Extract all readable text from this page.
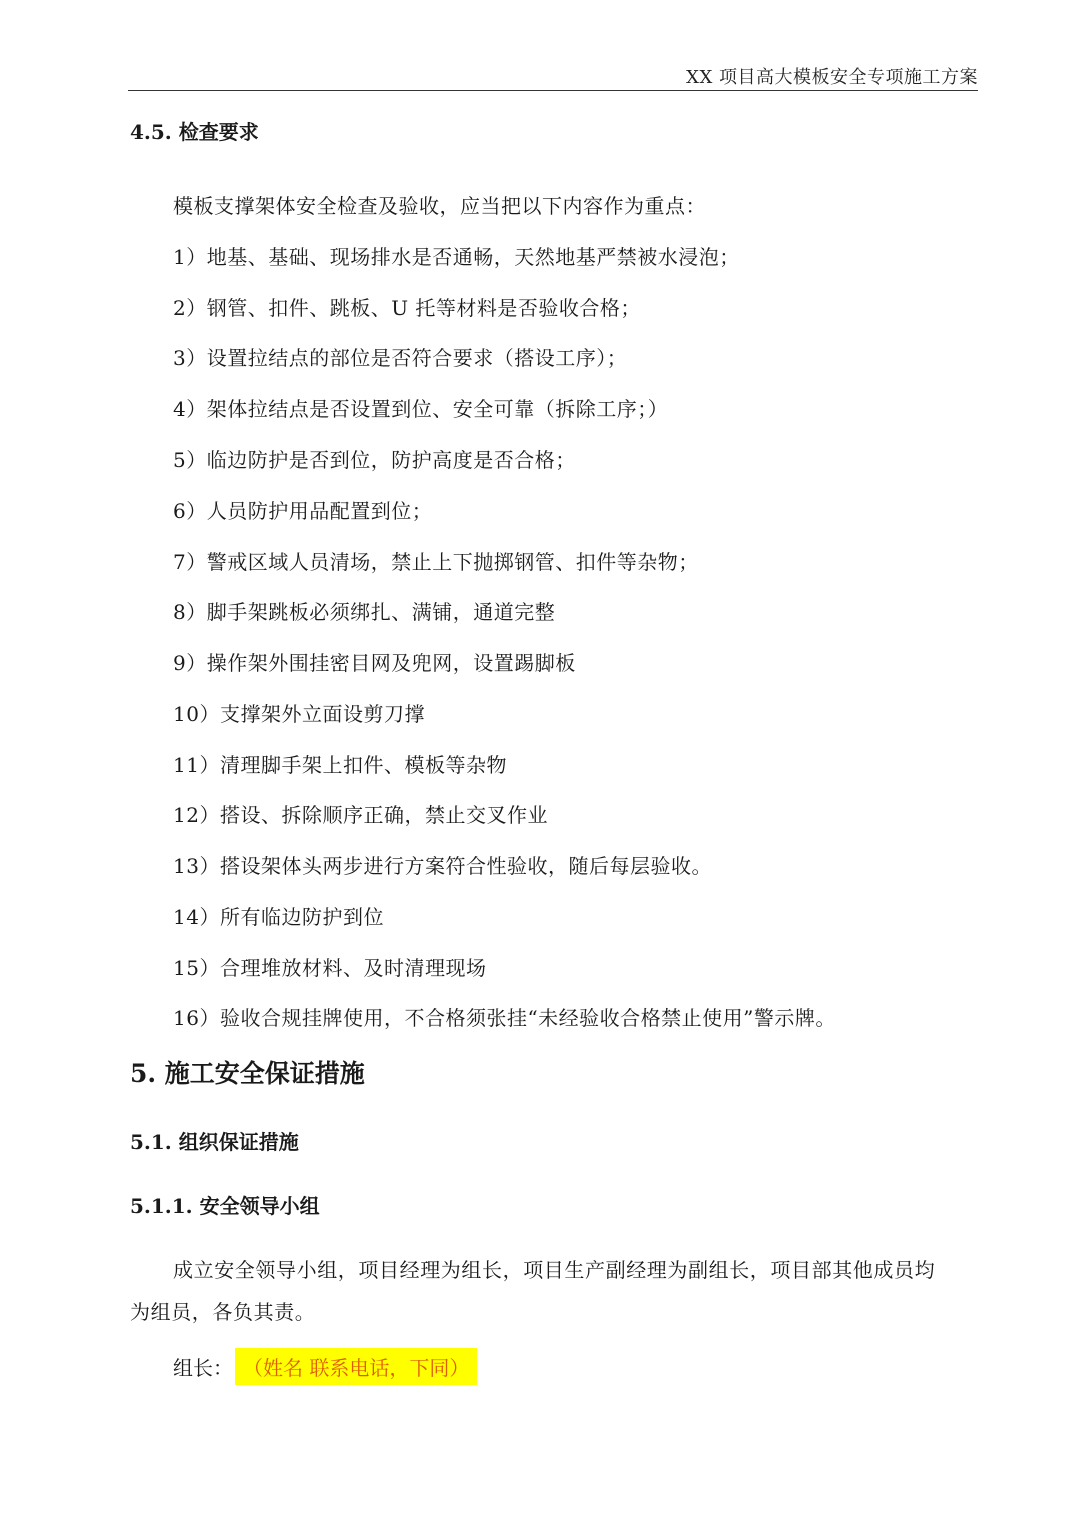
XX 项目高大模板安全专项施工方案
4.5. 检查要求
模板支撑架体安全检查及验收，应当把以下内容作为重点：
1）地基、基础、现场排水是否通畅，天然地基严禁被水浸泡；
2）钢管、扣件、跳板、U 托等材料是否验收合格；
3）设置拉结点的部位是否符合要求（搭设工序）；
4）架体拉结点是否设置到位、安全可靠（拆除工序；）
5）临边防护是否到位，防护高度是否合格；
6）人员防护用品配置到位；
7）警戒区域人员清场，禁止上下抛掷钢管、扣件等杂物；
8）脚手架跳板必须绑扎、满铺，通道完整
9）操作架外围挂密目网及兜网，设置踢脚板
10）支撑架外立面设剪刀撑
11）清理脚手架上扣件、模板等杂物
12）搭设、拆除顺序正确，禁止交叉作业
13）搭设架体头两步进行方案符合性验收，随后每层验收。
14）所有临边防护到位
15）合理堆放材料、及时清理现场
16）验收合规挂牌使用，不合格须张挂“未经验收合格禁止使用”警示牌。
5. 施工安全保证措施
5.1. 组织保证措施
5.1.1. 安全领导小组
成立安全领导小组，项目经理为组长，项目生产副经理为副组长，项目部其他成员均
为组员，各负其责。
组长： （姓名 联系电话，下同）
